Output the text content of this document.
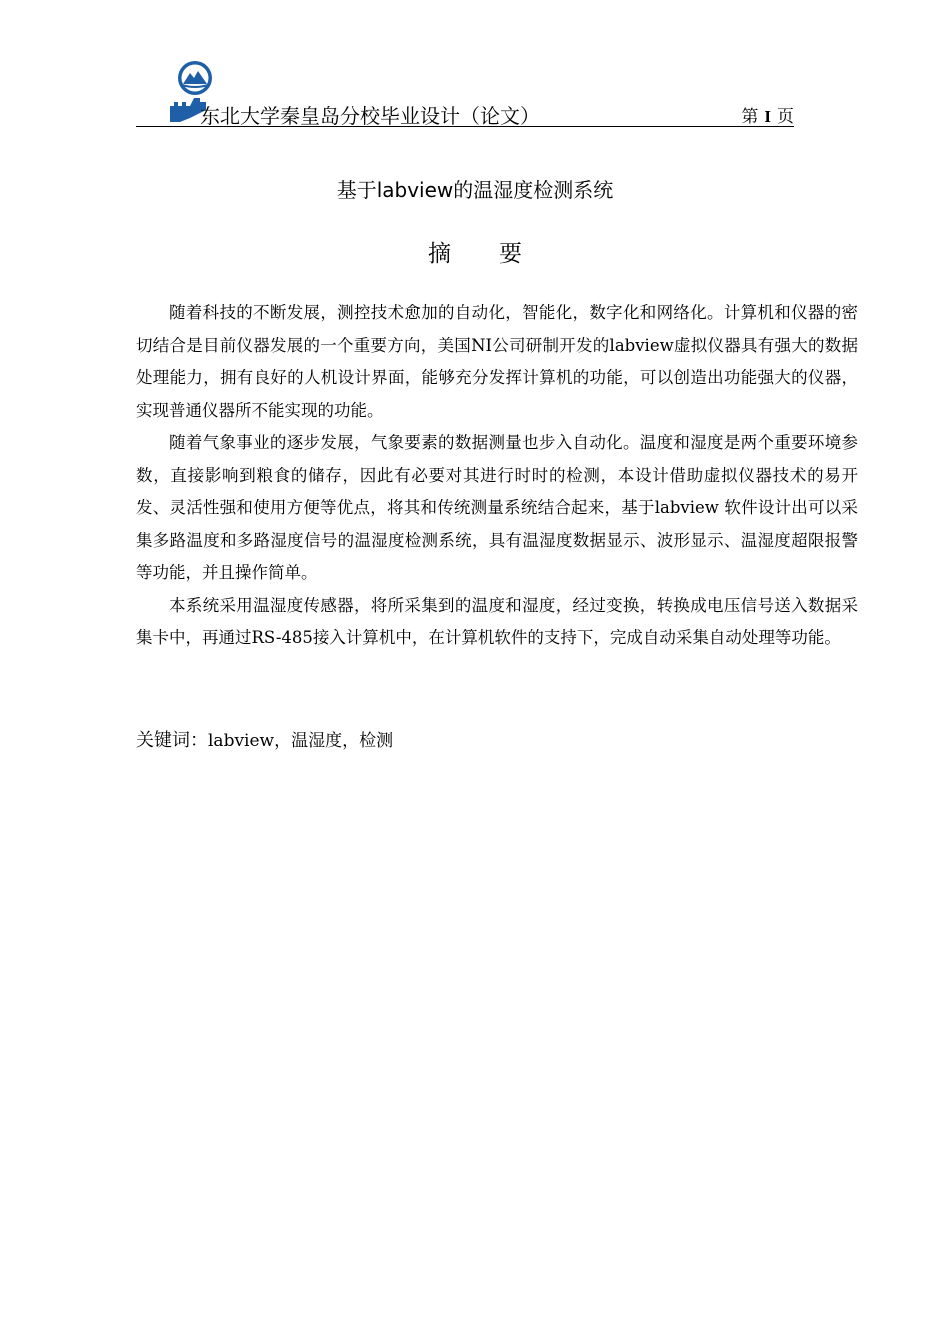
东北大学秦皇岛分校毕业设计（论文）	第 I 页
基于labview的温湿度检测系统
摘要

随着科技的不断发展，测控技术愈加的自动化，智能化，数字化和网络化。计算机和仪器的密切结合是目前仪器发展的一个重要方向，美国NI公司研制开发的labview虚拟仪器具有强大的数据处理能力，拥有良好的人机设计界面，能够充分发挥计算机的功能，可以创造出功能强大的仪器，实现普通仪器所不能实现的功能。

随着气象事业的逐步发展，气象要素的数据测量也步入自动化。温度和湿度是两个重要环境参数，直接影响到粮食的储存，因此有必要对其进行时时的检测，本设计借助虚拟仪器技术的易开发、灵活性强和使用方便等优点，将其和传统测量系统结合起来，基于labview 软件设计出可以采集多路温度和多路湿度信号的温湿度检测系统，具有温湿度数据显示、波形显示、温湿度超限报警等功能，并且操作简单。

本系统采用温湿度传感器，将所采集到的温度和湿度，经过变换，转换成电压信号送入数据采集卡中，再通过RS-485接入计算机中，在计算机软件的支持下，完成自动采集自动处理等功能。

关键词：labview，温湿度，检测
